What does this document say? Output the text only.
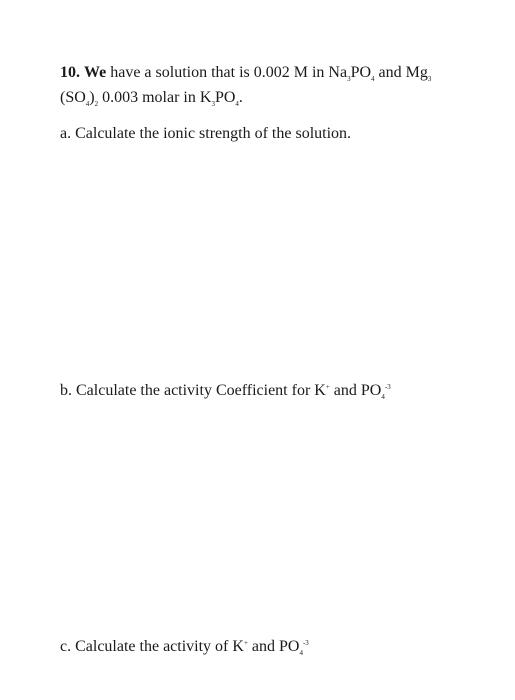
10. We have a solution that is 0.002 M in $Na_3PO_4$ and $Mg_3$
$(SO_4)_2$ 0.003 molar in $K_3PO_4$.
a. Calculate the ionic strength of the solution.
b. Calculate the activity Coefficient for K+ and $PO_4^{-3}$
c. Calculate the activity of K+ and $PO_4^{-3}$
